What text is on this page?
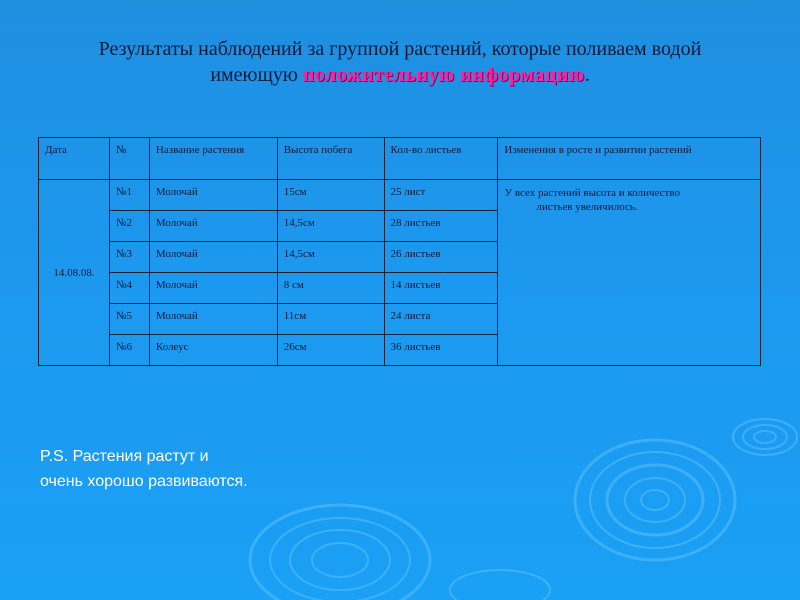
Результаты наблюдений за группой растений, которые поливаем водой
имеющую положительную информацию.
Дата	№	Название растения	Высота побега	Кол-во листьев	Изменения в росте и развитии растений
14.08.08.	№1	Молочай	15см	25 лист	У всех растений высота и количество
листьев увеличилось.

	№2	Молочай	14,5см	28 листьев	
	№3	Молочай	14,5см	26 листьев	
	№4	Молочай	8 см	14 листьев	
	№5	Молочай	11см	24 листа	
	№6	Колеус	26см	36 листьев	
P.S. Растения растут и
очень хорошо развиваются.
